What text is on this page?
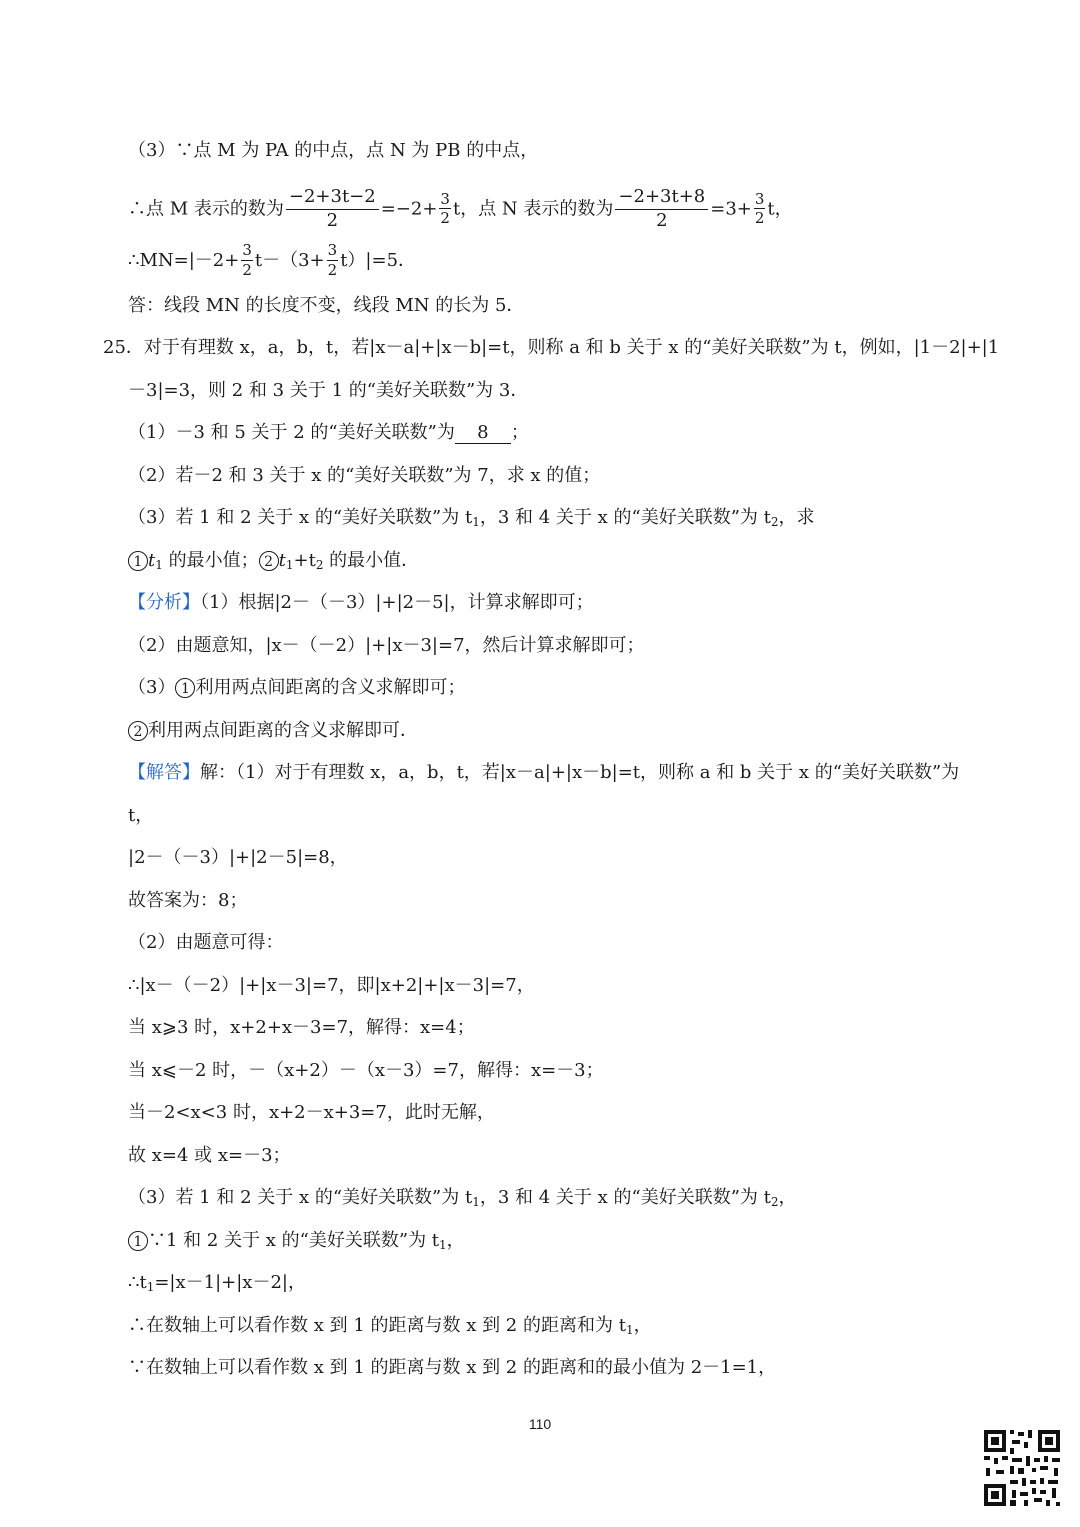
（3）∵点 M 为 PA 的中点，点 N 为 PB 的中点，
∴点 M 表示的数为 $\frac{-2+3t-2}{2} =-2+ \frac{3}{2}$ t，点 N 表示的数为 $\frac{-2+3t+8}{2} =3+ \frac{3}{2}$ t，
∴MN=|－2+ $\frac{3}{2} t-(3+ \frac{3}{2} t)|=5$．
答：线段 MN 的长度不变，线段 MN 的长为 5．
25．对于有理数 x，a，b，t，若|x－a|+|x－b|=t，则称 a 和 b 关于 x 的“美好关联数”为 t，例如，|1－2|+|1
－3|=3，则 2 和 3 关于 1 的“美好关联数”为 3．
（1）－3 和 5 关于 2 的“美好关联数”为 8 ；
（2）若－2 和 3 关于 x 的“美好关联数”为 7，求 x 的值；
（3）若 1 和 2 关于 x 的“美好关联数”为 $t_1$，3 和 4 关于 x 的“美好关联数”为 $t_2$，求
1 $t_1$ 的最小值； 2 $t_1+t_2$ 的最小值．
【分析】（1）根据|2－（－3）|+|2－5|，计算求解即可；
（2）由题意知，|x－（－2）|+|x－3|=7，然后计算求解即可；
（3） 1 利用两点间距离的含义求解即可；
2 利用两点间距离的含义求解即可．
【解答】解：（1）对于有理数 x，a，b，t，若|x－a|+|x－b|=t，则称 a 和 b 关于 x 的“美好关联数”为
t，
|2－（－3）|+|2－5|=8，
故答案为：8；
（2）由题意可得：
∴|x－（－2）|+|x－3|=7，即|x+2|+|x－3|=7，
当 x⩾3 时，x+2+x－3=7，解得：x=4；
当 x⩽－2 时，－（x+2）－（x－3）=7，解得：x=－3；
当－2<x<3 时，x+2－x+3=7，此时无解，
故 x=4 或 x=－3；
（3）若 1 和 2 关于 x 的“美好关联数”为 $t_1$，3 和 4 关于 x 的“美好关联数”为 $t_2$，
1 ∵1 和 2 关于 x 的“美好关联数”为 $t_1$，
$\therefore t_1=|x-1|+|x-2|$，
∴在数轴上可以看作数 x 到 1 的距离与数 x 到 2 的距离和为 $t_1$，
∵在数轴上可以看作数 x 到 1 的距离与数 x 到 2 的距离和的最小值为 2－1=1，
110
